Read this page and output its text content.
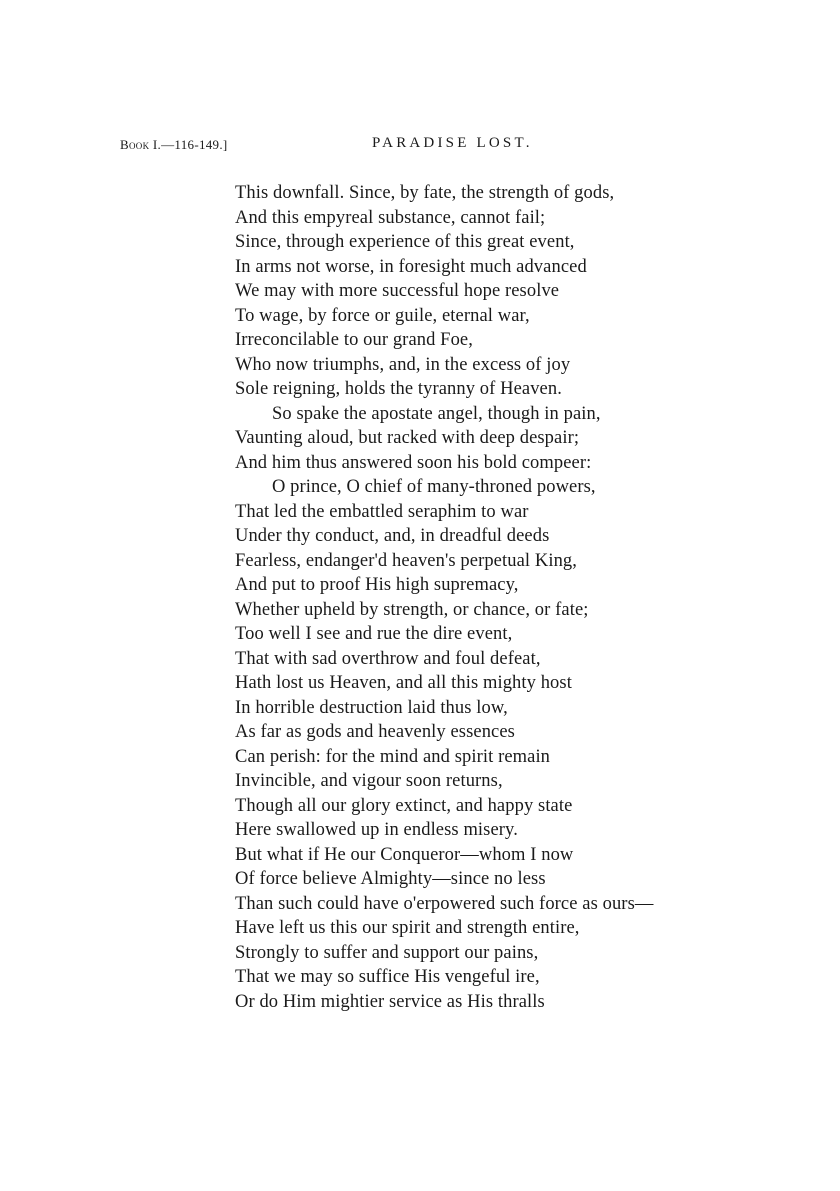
Book I.—116-149.]	PARADISE LOST.
This downfall. Since, by fate, the strength of gods,
And this empyreal substance, cannot fail;
Since, through experience of this great event,
In arms not worse, in foresight much advanced
We may with more successful hope resolve
To wage, by force or guile, eternal war,
Irreconcilable to our grand Foe,
Who now triumphs, and, in the excess of joy
Sole reigning, holds the tyranny of Heaven.
So spake the apostate angel, though in pain,
Vaunting aloud, but racked with deep despair;
And him thus answered soon his bold compeer:
O prince, O chief of many-throned powers,
That led the embattled seraphim to war
Under thy conduct, and, in dreadful deeds
Fearless, endanger'd heaven's perpetual King,
And put to proof His high supremacy,
Whether upheld by strength, or chance, or fate;
Too well I see and rue the dire event,
That with sad overthrow and foul defeat,
Hath lost us Heaven, and all this mighty host
In horrible destruction laid thus low,
As far as gods and heavenly essences
Can perish: for the mind and spirit remain
Invincible, and vigour soon returns,
Though all our glory extinct, and happy state
Here swallowed up in endless misery.
But what if He our Conqueror—whom I now
Of force believe Almighty—since no less
Than such could have o'erpowered such force as ours—
Have left us this our spirit and strength entire,
Strongly to suffer and support our pains,
That we may so suffice His vengeful ire,
Or do Him mightier service as His thralls
